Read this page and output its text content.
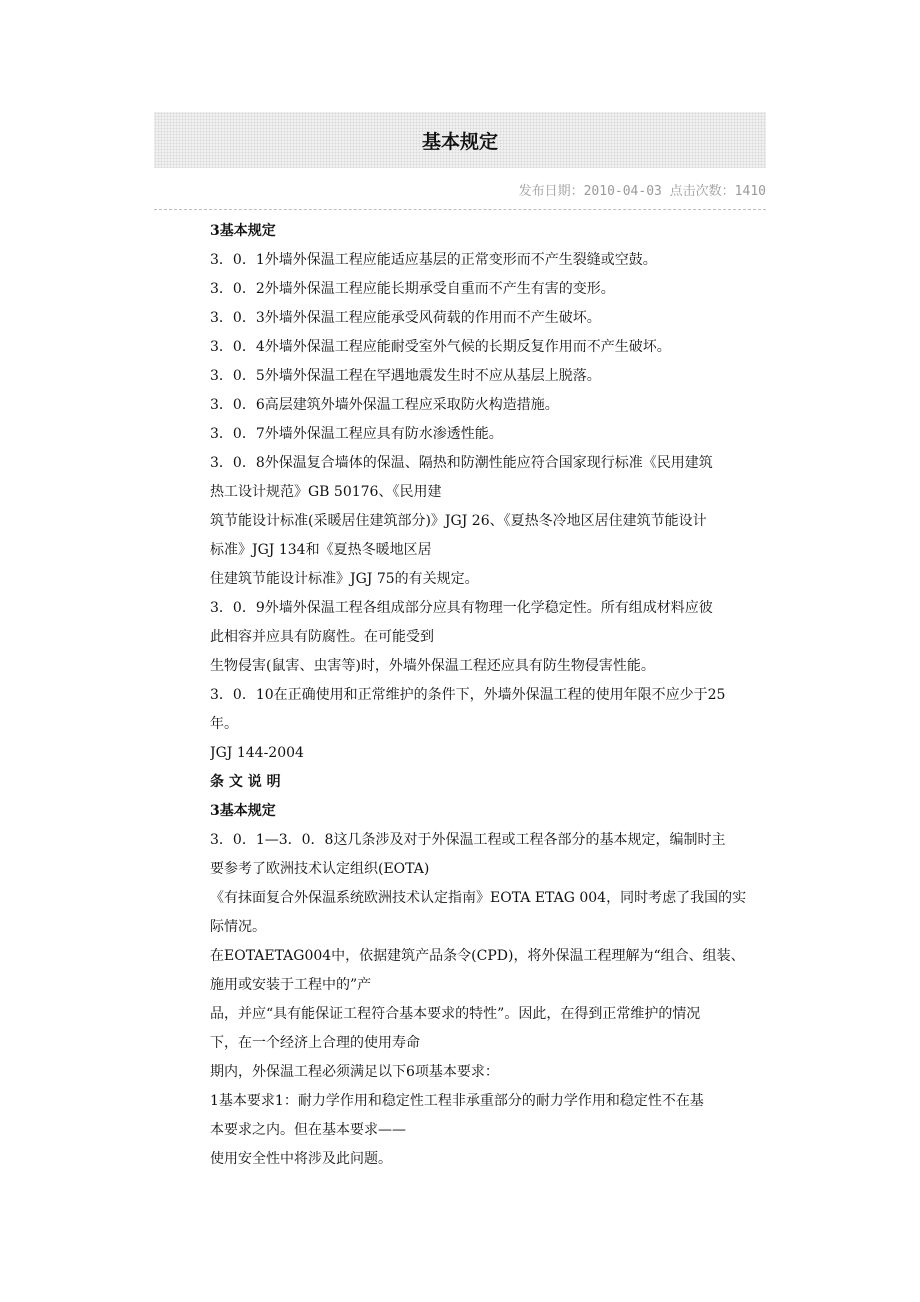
基本规定
发布日期：2010-04-03 点击次数：1410
3基本规定
3．0．1外墙外保温工程应能适应基层的正常变形而不产生裂缝或空鼓。
3．0．2外墙外保温工程应能长期承受自重而不产生有害的变形。
3．0．3外墙外保温工程应能承受风荷载的作用而不产生破坏。
3．0．4外墙外保温工程应能耐受室外气候的长期反复作用而不产生破坏。
3．0．5外墙外保温工程在罕遇地震发生时不应从基层上脱落。
3．0．6高层建筑外墙外保温工程应采取防火构造措施。
3．0．7外墙外保温工程应具有防水渗透性能。
3．0．8外保温复合墙体的保温、隔热和防潮性能应符合国家现行标准《民用建筑
热工设计规范》GB 50176、《民用建
筑节能设计标准(采暖居住建筑部分)》JGJ 26、《夏热冬冷地区居住建筑节能设计
标准》JGJ 134和《夏热冬暖地区居
住建筑节能设计标准》JGJ 75的有关规定。
3．0．9外墙外保温工程各组成部分应具有物理一化学稳定性。所有组成材料应彼
此相容并应具有防腐性。在可能受到
生物侵害(鼠害、虫害等)时，外墙外保温工程还应具有防生物侵害性能。
3．0．10在正确使用和正常维护的条件下，外墙外保温工程的使用年限不应少于25
年。
JGJ 144-2004
条 文 说 明
3基本规定
3．0．1—3．0．8这几条涉及对于外保温工程或工程各部分的基本规定，编制时主
要参考了欧洲技术认定组织(EOTA)
《有抹面复合外保温系统欧洲技术认定指南》EOTA ETAG 004，同时考虑了我国的实
际情况。
在EOTAETAG004中，依据建筑产品条令(CPD)，将外保温工程理解为“组合、组装、
施用或安装于工程中的”产
品，并应“具有能保证工程符合基本要求的特性”。因此，在得到正常维护的情况
下，在一个经济上合理的使用寿命
期内，外保温工程必须满足以下6项基本要求：
1基本要求1：耐力学作用和稳定性工程非承重部分的耐力学作用和稳定性不在基
本要求之内。但在基本要求——
使用安全性中将涉及此问题。
